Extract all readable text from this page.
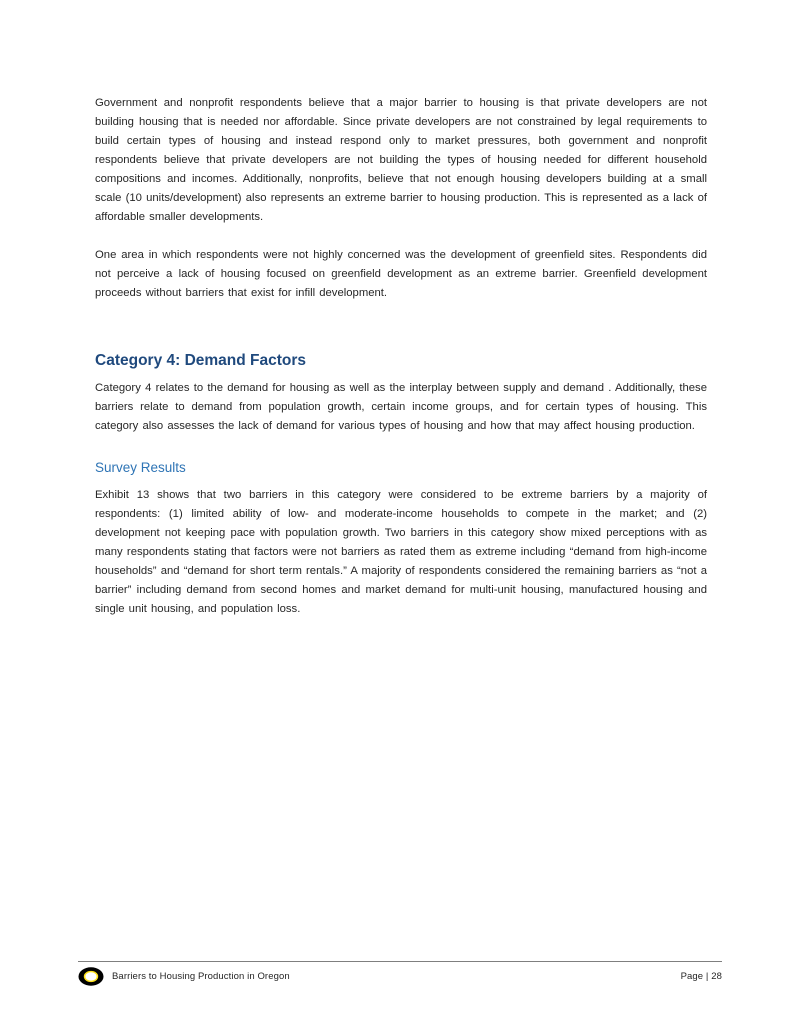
Government and nonprofit respondents believe that a major barrier to housing is that private developers are not building housing that is needed nor affordable. Since private developers are not constrained by legal requirements to build certain types of housing and instead respond only to market pressures, both government and nonprofit respondents believe that private developers are not building the types of housing needed for different household compositions and incomes. Additionally, nonprofits, believe that not enough housing developers building at a small scale (10 units/development) also represents an extreme barrier to housing production. This is represented as a lack of affordable smaller developments.

One area in which respondents were not highly concerned was the development of greenfield sites. Respondents did not perceive a lack of housing focused on greenfield development as an extreme barrier. Greenfield development proceeds without barriers that exist for infill development.

Category 4: Demand Factors

Category 4 relates to the demand for housing as well as the interplay between supply and demand . Additionally, these barriers relate to demand from population growth, certain income groups, and for certain types of housing. This category also assesses the lack of demand for various types of housing and how that may affect housing production.

Survey Results

Exhibit 13 shows that two barriers in this category were considered to be extreme barriers by a majority of respondents: (1) limited ability of low- and moderate-income households to compete in the market; and (2) development not keeping pace with population growth. Two barriers in this category show mixed perceptions with as many respondents stating that factors were not barriers as rated them as extreme including “demand from high-income households” and “demand for short term rentals.” A majority of respondents considered the remaining barriers as “not a barrier” including demand from second homes and market demand for multi-unit housing, manufactured housing and single unit housing, and population loss.

Barriers to Housing Production in Oregon	Page | 28
